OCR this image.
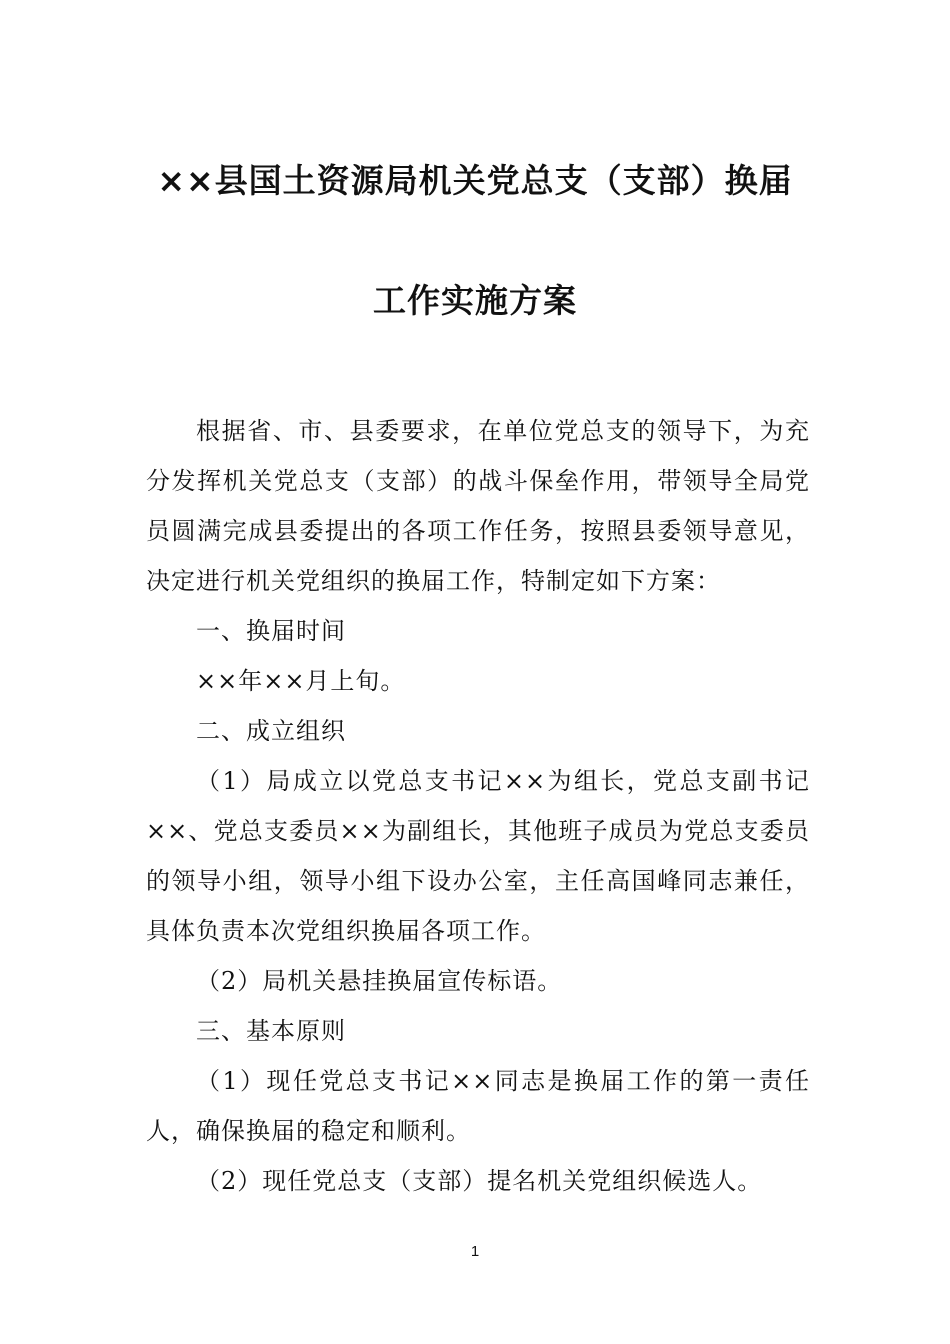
××县国土资源局机关党总支（支部）换届
工作实施方案

根据省、市、县委要求，在单位党总支的领导下，为充分发挥机关党总支（支部）的战斗保垒作用，带领导全局党员圆满完成县委提出的各项工作任务，按照县委领导意见，决定进行机关党组织的换届工作，特制定如下方案：

一、换届时间

××年××月上旬。

二、成立组织

（1）局成立以党总支书记××为组长，党总支副书记××、党总支委员××为副组长，其他班子成员为党总支委员的领导小组，领导小组下设办公室，主任高国峰同志兼任，具体负责本次党组织换届各项工作。

（2）局机关悬挂换届宣传标语。

三、基本原则

（1）现任党总支书记××同志是换届工作的第一责任人，确保换届的稳定和顺利。

（2）现任党总支（支部）提名机关党组织候选人。

1
